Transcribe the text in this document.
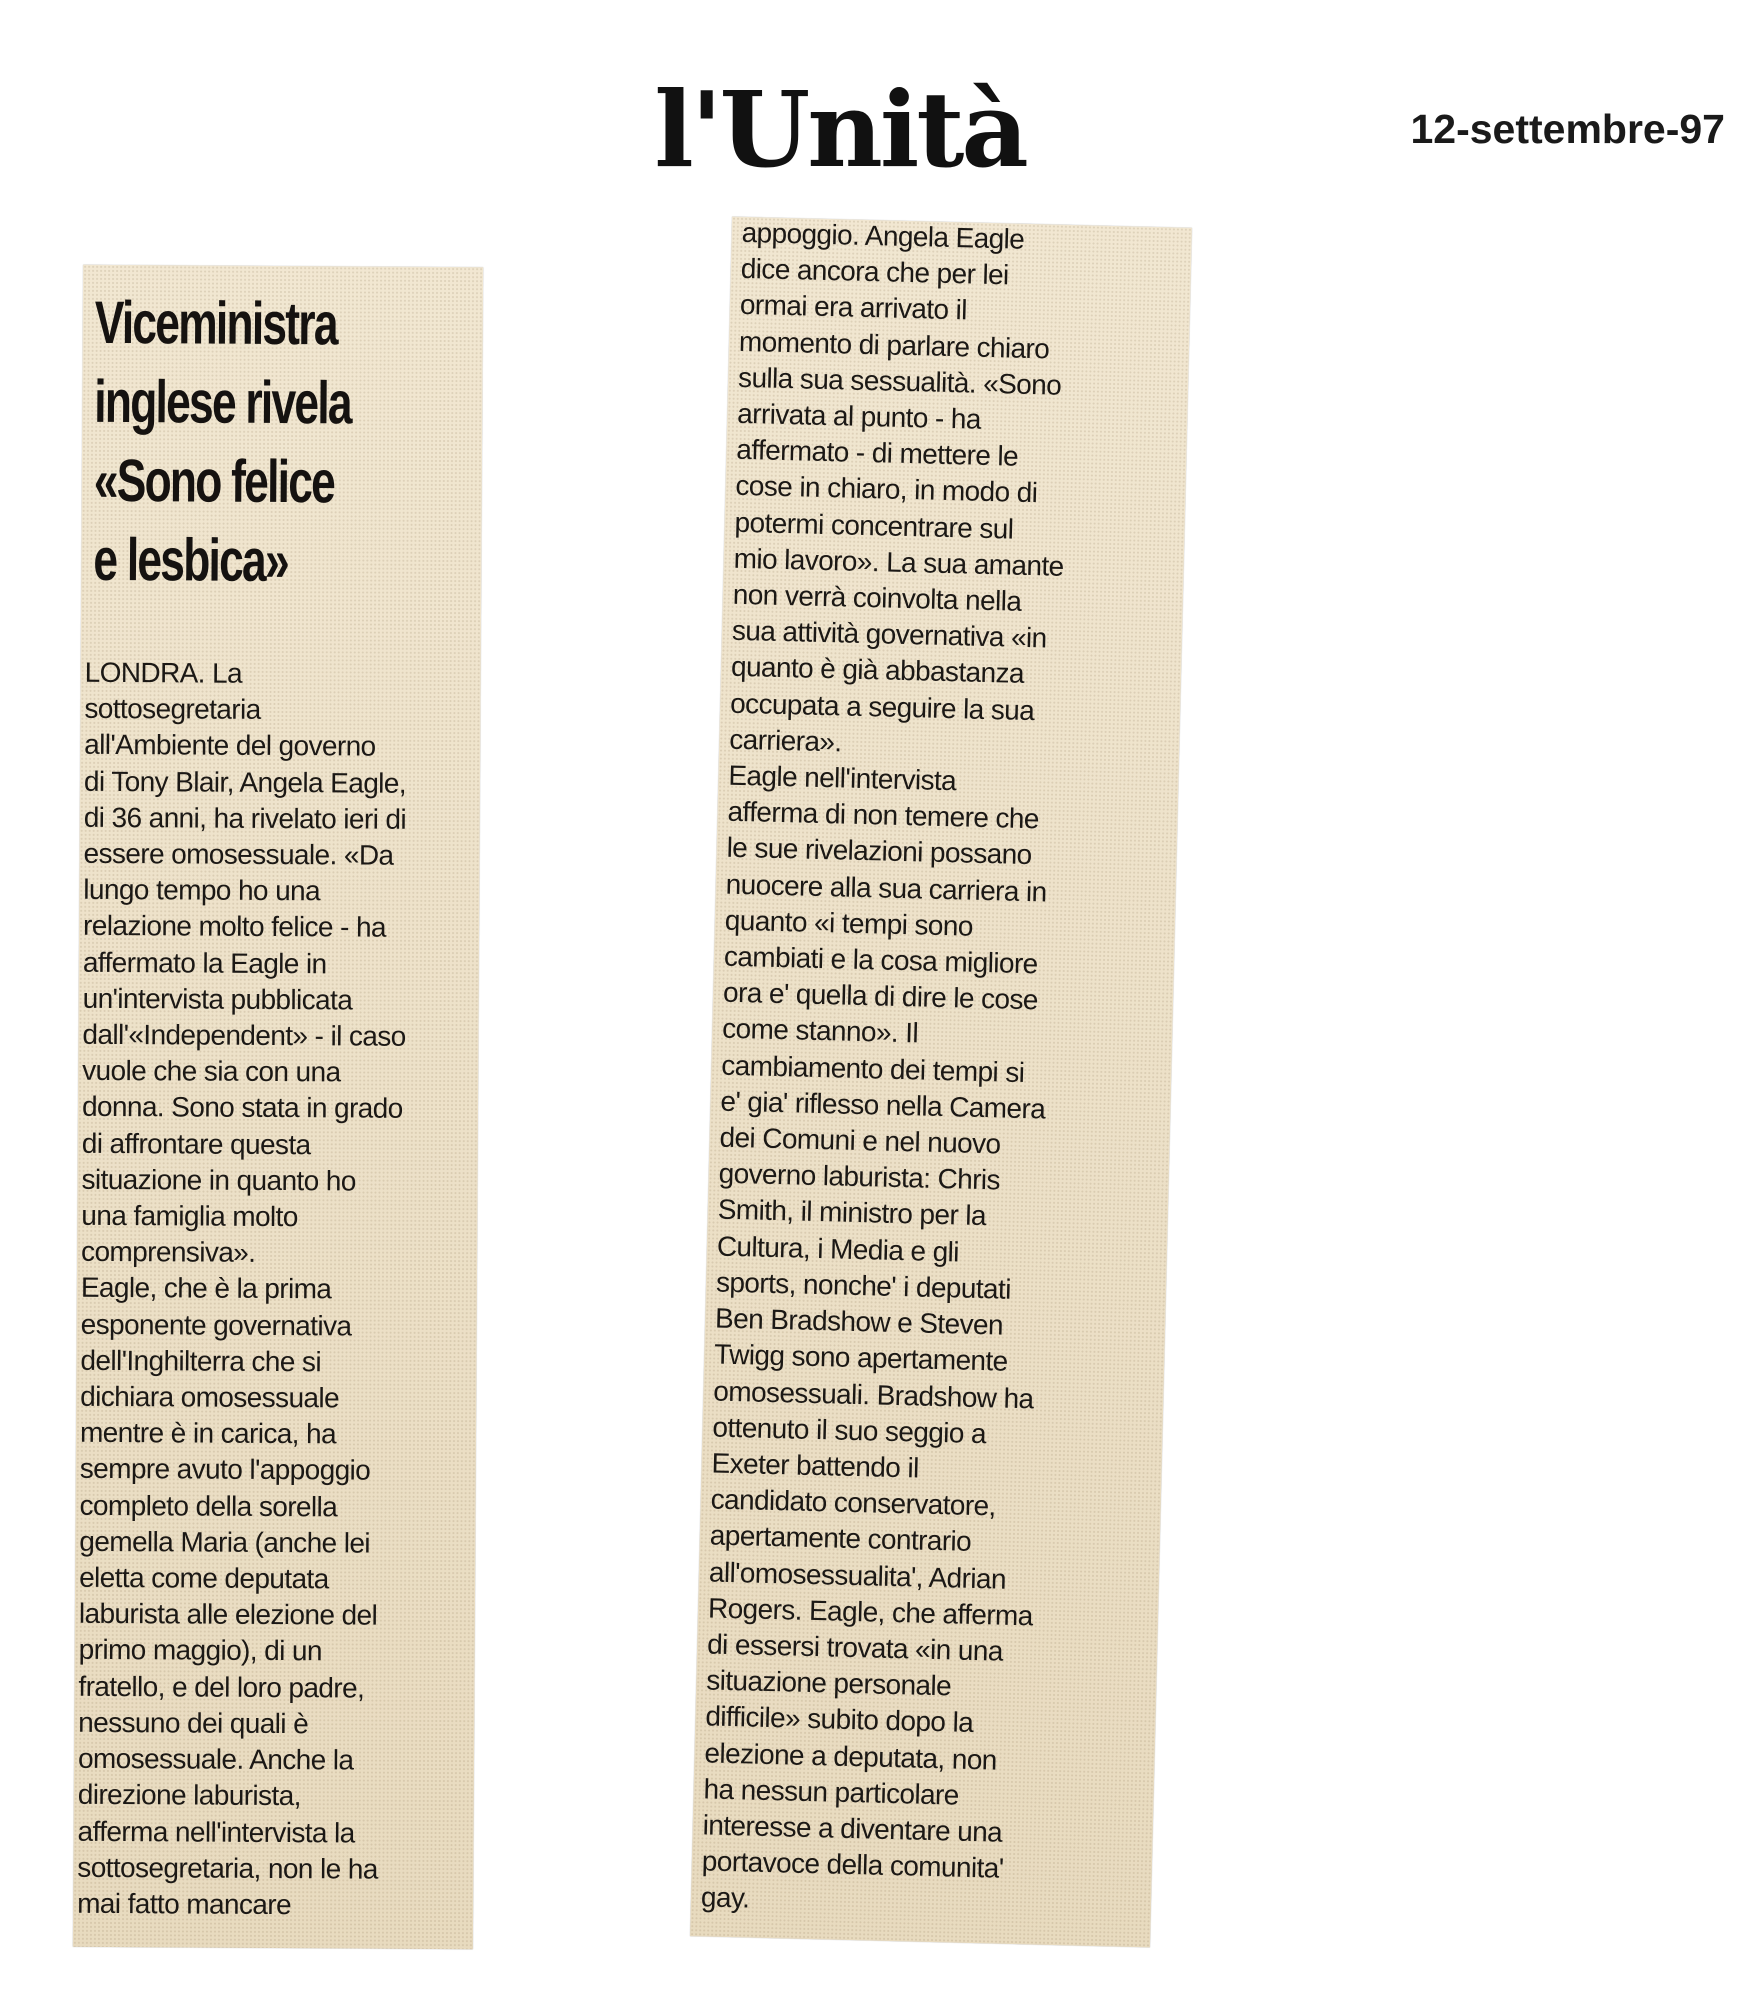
l'Unità	12-settembre-97
Viceministra
inglese rivela
«Sono felice
e lesbica»

LONDRA. La
sottosegretaria
all'Ambiente del governo
di Tony Blair, Angela Eagle,
di 36 anni, ha rivelato ieri di
essere omosessuale. «Da
lungo tempo ho una
relazione molto felice - ha
affermato la Eagle in
un'intervista pubblicata
dall'«Independent» - il caso
vuole che sia con una
donna. Sono stata in grado
di affrontare questa
situazione in quanto ho
una famiglia molto
comprensiva».
Eagle, che è la prima
esponente governativa
dell'Inghilterra che si
dichiara omosessuale
mentre è in carica, ha
sempre avuto l'appoggio
completo della sorella
gemella Maria (anche lei
eletta come deputata
laburista alle elezione del
primo maggio), di un
fratello, e del loro padre,
nessuno dei quali è
omosessuale. Anche la
direzione laburista,
afferma nell'intervista la
sottosegretaria, non le ha
mai fatto mancare

appoggio. Angela Eagle
dice ancora che per lei
ormai era arrivato il
momento di parlare chiaro
sulla sua sessualità. «Sono
arrivata al punto - ha
affermato - di mettere le
cose in chiaro, in modo di
potermi concentrare sul
mio lavoro». La sua amante
non verrà coinvolta nella
sua attività governativa «in
quanto è già abbastanza
occupata a seguire la sua
carriera».
Eagle nell'intervista
afferma di non temere che
le sue rivelazioni possano
nuocere alla sua carriera in
quanto «i tempi sono
cambiati e la cosa migliore
ora e' quella di dire le cose
come stanno». Il
cambiamento dei tempi si
e' gia' riflesso nella Camera
dei Comuni e nel nuovo
governo laburista: Chris
Smith, il ministro per la
Cultura, i Media e gli
sports, nonche' i deputati
Ben Bradshow e Steven
Twigg sono apertamente
omosessuali. Bradshow ha
ottenuto il suo seggio a
Exeter battendo il
candidato conservatore,
apertamente contrario
all'omosessualita', Adrian
Rogers. Eagle, che afferma
di essersi trovata «in una
situazione personale
difficile» subito dopo la
elezione a deputata, non
ha nessun particolare
interesse a diventare una
portavoce della comunita'
gay.
